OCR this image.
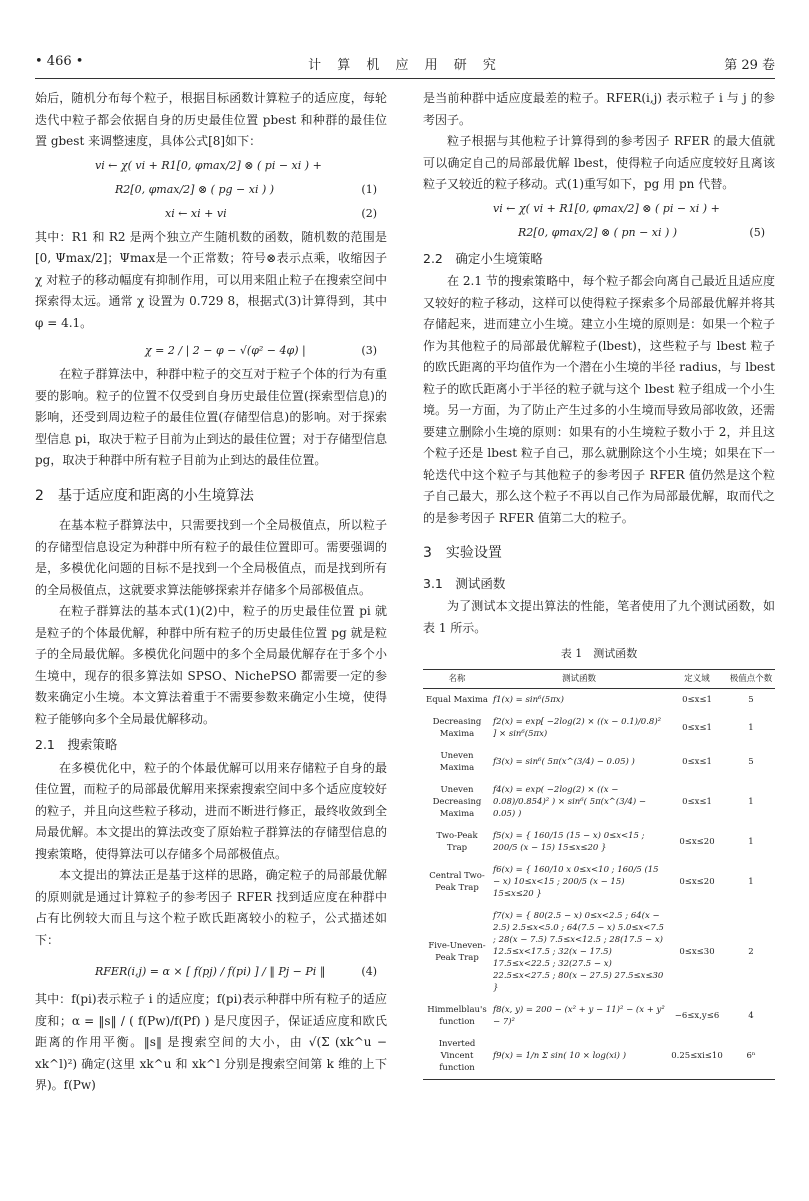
• 466 •	计 算 机 应 用 研 究	第 29 卷

始后，随机分布每个粒子，根据目标函数计算粒子的适应度，每轮迭代中粒子都会依据自身的历史最佳位置 pbest 和种群的最佳位置 gbest 来调整速度，具体公式[8]如下：

vi ← χ( vi + R1[0, φmax/2] ⊗ ( pi − xi ) +
R2[0, φmax/2] ⊗ ( pg − xi ) )	(1)
xi ← xi + vi	(2)

其中：R1 和 R2 是两个独立产生随机数的函数，随机数的范围是[0, Ψmax/2]；Ψmax是一个正常数；符号⊗表示点乘，收缩因子 χ 对粒子的移动幅度有抑制作用，可以用来阻止粒子在搜索空间中探索得太远。通常 χ 设置为 0.729 8，根据式(3)计算得到，其中 φ = 4.1。

χ = 2 / | 2 − φ − √(φ² − 4φ) |	(3)

在粒子群算法中，种群中粒子的交互对于粒子个体的行为有重要的影响。粒子的位置不仅受到自身历史最佳位置(探索型信息)的影响，还受到周边粒子的最佳位置(存储型信息)的影响。对于探索型信息 pi，取决于粒子目前为止到达的最佳位置；对于存储型信息 pg，取决于种群中所有粒子目前为止到达的最佳位置。

2　基于适应度和距离的小生境算法

在基本粒子群算法中，只需要找到一个全局极值点，所以粒子的存储型信息设定为种群中所有粒子的最佳位置即可。需要强调的是，多模优化问题的目标不是找到一个全局极值点，而是找到所有的全局极值点，这就要求算法能够探索并存储多个局部极值点。

在粒子群算法的基本式(1)(2)中，粒子的历史最佳位置 pi 就是粒子的个体最优解，种群中所有粒子的历史最佳位置 pg 就是粒子的全局最优解。多模优化问题中的多个全局最优解存在于多个小生境中，现存的很多算法如 SPSO、NichePSO 都需要一定的参数来确定小生境。本文算法着重于不需要参数来确定小生境，使得粒子能够向多个全局最优解移动。

2.1　搜索策略

在多模优化中，粒子的个体最优解可以用来存储粒子自身的最佳位置，而粒子的局部最优解用来探索搜索空间中多个适应度较好的粒子，并且向这些粒子移动，进而不断进行修正，最终收敛到全局最优解。本文提出的算法改变了原始粒子群算法的存储型信息的搜索策略，使得算法可以存储多个局部极值点。

本文提出的算法正是基于这样的思路，确定粒子的局部最优解的原则就是通过计算粒子的参考因子 RFER 找到适应度在种群中占有比例较大而且与这个粒子欧氏距离较小的粒子，公式描述如下：

RFER(i,j) = α × [ f(pj) / f(pi) ] / ‖ Pj − Pi ‖	(4)

其中：f(pi)表示粒子 i 的适应度；f(pi)表示种群中所有粒子的适应度和；α = ‖s‖ / ( f(Pw)/f(Pf) ) 是尺度因子，保证适应度和欧氏距离的作用平衡。‖s‖ 是搜索空间的大小，由 √(Σ (xk^u − xk^l)²) 确定(这里 xk^u 和 xk^l 分别是搜索空间第 k 维的上下界)。f(Pw)

是当前种群中适应度最差的粒子。RFER(i,j) 表示粒子 i 与 j 的参考因子。

粒子根据与其他粒子计算得到的参考因子 RFER 的最大值就可以确定自己的局部最优解 lbest，使得粒子向适应度较好且离该粒子又较近的粒子移动。式(1)重写如下，pg 用 pn 代替。

vi ← χ( vi + R1[0, φmax/2] ⊗ ( pi − xi ) +
R2[0, φmax/2] ⊗ ( pn − xi ) )	(5)
2.2　确定小生境策略

在 2.1 节的搜索策略中，每个粒子都会向离自己最近且适应度又较好的粒子移动，这样可以使得粒子探索多个局部最优解并将其存储起来，进而建立小生境。建立小生境的原则是：如果一个粒子作为其他粒子的局部最优解粒子(lbest)，这些粒子与 lbest 粒子的欧氏距离的平均值作为一个潜在小生境的半径 radius，与 lbest 粒子的欧氏距离小于半径的粒子就与这个 lbest 粒子组成一个小生境。另一方面，为了防止产生过多的小生境而导致局部收敛，还需要建立删除小生境的原则：如果有的小生境粒子数小于 2，并且这个粒子还是 lbest 粒子自己，那么就删除这个小生境；如果在下一轮迭代中这个粒子与其他粒子的参考因子 RFER 值仍然是这个粒子自己最大，那么这个粒子不再以自己作为局部最优解，取而代之的是参考因子 RFER 值第二大的粒子。

3　实验设置
3.1　测试函数

为了测试本文提出算法的性能，笔者使用了九个测试函数，如表 1 所示。

表 1　测试函数
名称	测试函数	定义域	极值点个数
Equal Maxima	f1(x) = sin⁶(5πx)	0≤x≤1	5
Decreasing Maxima	f2(x) = exp[ −2log(2) × ((x − 0.1)/0.8)² ] × sin⁶(5πx)	0≤x≤1	1
Uneven Maxima	f3(x) = sin⁶( 5π(x^(3/4) − 0.05) )	0≤x≤1	5
Uneven Decreasing Maxima	f4(x) = exp( −2log(2) × ((x − 0.08)/0.854)² ) × sin⁶( 5π(x^(3/4) − 0.05) )	0≤x≤1	1
Two-Peak Trap	f5(x) = { 160/15 (15 − x) 0≤x<15 ; 200/5 (x − 15) 15≤x≤20 }	0≤x≤20	1
Central Two-Peak Trap	f6(x) = { 160/10 x 0≤x<10 ; 160/5 (15 − x) 10≤x<15 ; 200/5 (x − 15) 15≤x≤20 }	0≤x≤20	1
Five-Uneven-Peak Trap	f7(x) = { 80(2.5 − x) 0≤x<2.5 ; 64(x − 2.5) 2.5≤x<5.0 ; 64(7.5 − x) 5.0≤x<7.5 ; 28(x − 7.5) 7.5≤x<12.5 ; 28(17.5 − x) 12.5≤x<17.5 ; 32(x − 17.5) 17.5≤x<22.5 ; 32(27.5 − x) 22.5≤x<27.5 ; 80(x − 27.5) 27.5≤x≤30 }	0≤x≤30	2
Himmelblau's function	f8(x, y) = 200 − (x² + y − 11)² − (x + y² − 7)²	−6≤x,y≤6	4
Inverted Vincent function	f9(x) = 1/n Σ sin( 10 × log(xi) )	0.25≤xi≤10	6ⁿ
